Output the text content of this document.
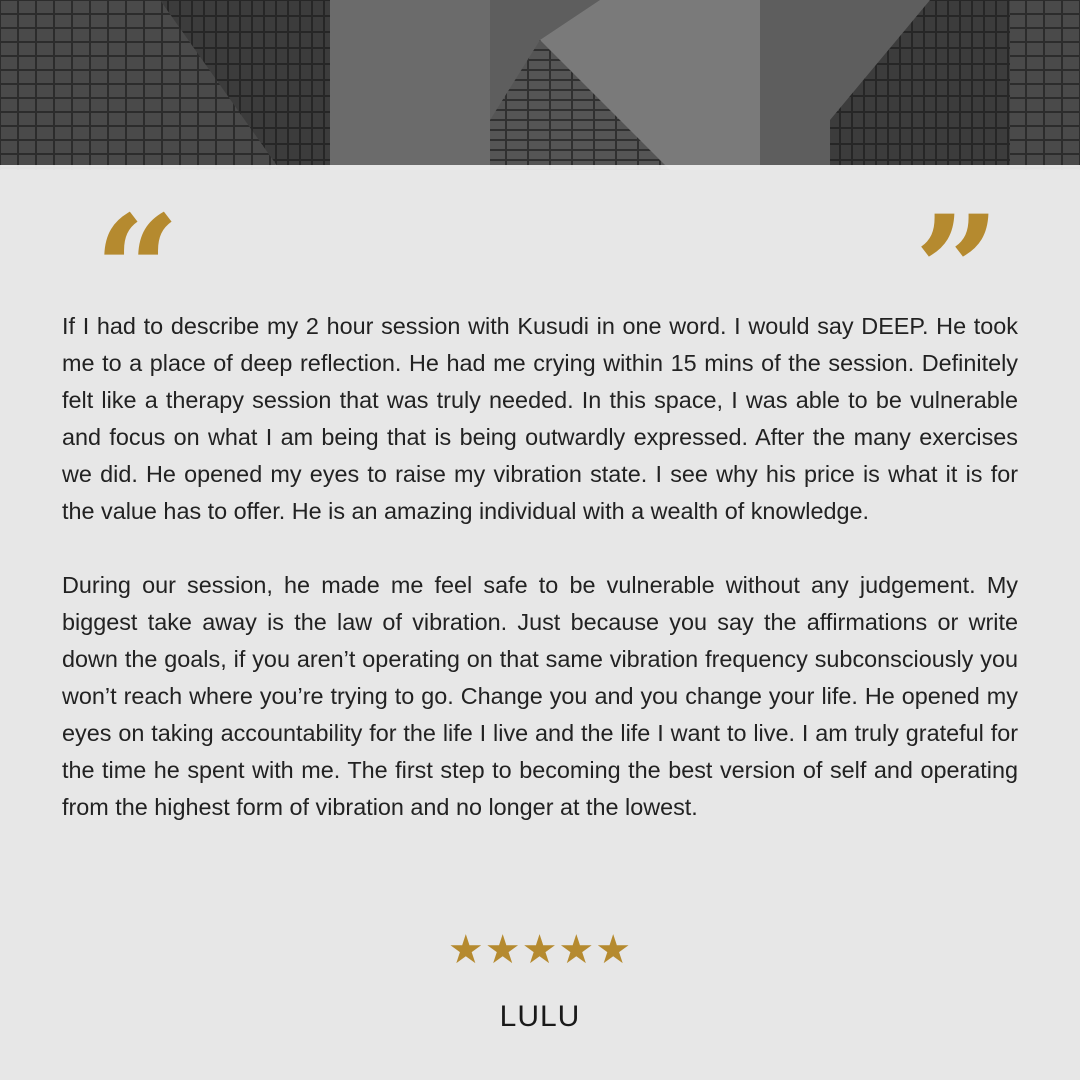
“	”

If I had to describe my 2 hour session with Kusudi in one word. I would say DEEP. He took me to a place of deep reflection. He had me crying within 15 mins of the session. Definitely felt like a therapy session that was truly needed. In this space, I was able to be vulnerable and focus on what I am being that is being outwardly expressed. After the many exercises we did. He opened my eyes to raise my vibration state. I see why his price is what it is for the value has to offer. He is an amazing individual with a wealth of knowledge.

During our session, he made me feel safe to be vulnerable without any judgement. My biggest take away is the law of vibration. Just because you say the affirmations or write down the goals, if you aren’t operating on that same vibration frequency subconsciously you won’t reach where you’re trying to go. Change you and you change your life. He opened my eyes on taking accountability for the life I live and the life I want to live. I am truly grateful for the time he spent with me. The first step to becoming the best version of self and operating from the highest form of vibration and no longer at the lowest.

★★★★★
LULU
